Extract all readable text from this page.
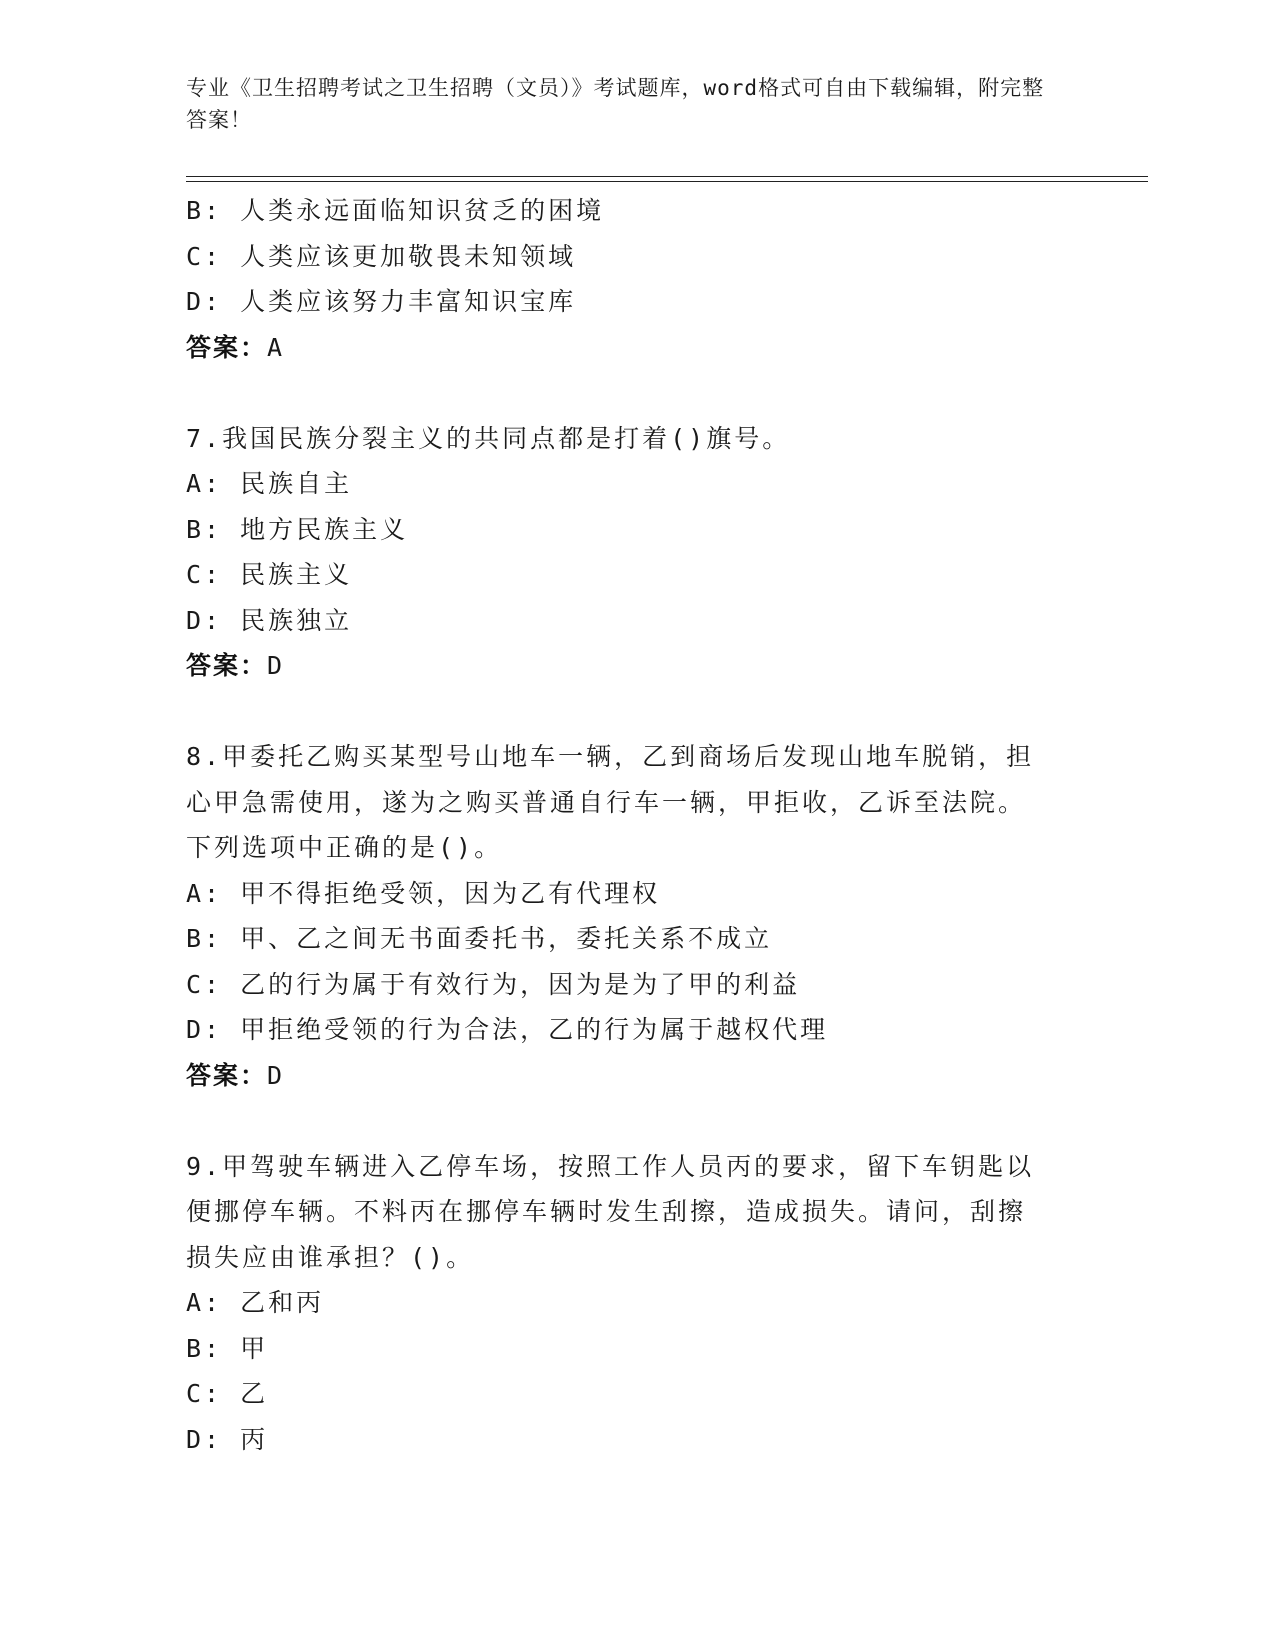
专业《卫生招聘考试之卫生招聘（文员）》考试题库，word格式可自由下载编辑，附完整答案！
B: 人类永远面临知识贫乏的困境
C: 人类应该更加敬畏未知领域
D: 人类应该努力丰富知识宝库
答案：A
7.我国民族分裂主义的共同点都是打着()旗号。
A: 民族自主
B: 地方民族主义
C: 民族主义
D: 民族独立
答案：D
8.甲委托乙购买某型号山地车一辆，乙到商场后发现山地车脱销，担
心甲急需使用，遂为之购买普通自行车一辆，甲拒收，乙诉至法院。
下列选项中正确的是()。
A: 甲不得拒绝受领，因为乙有代理权
B: 甲、乙之间无书面委托书，委托关系不成立
C: 乙的行为属于有效行为，因为是为了甲的利益
D: 甲拒绝受领的行为合法，乙的行为属于越权代理
答案：D
9.甲驾驶车辆进入乙停车场，按照工作人员丙的要求，留下车钥匙以
便挪停车辆。不料丙在挪停车辆时发生刮擦，造成损失。请问，刮擦
损失应由谁承担？()。
A: 乙和丙
B: 甲
C: 乙
D: 丙
